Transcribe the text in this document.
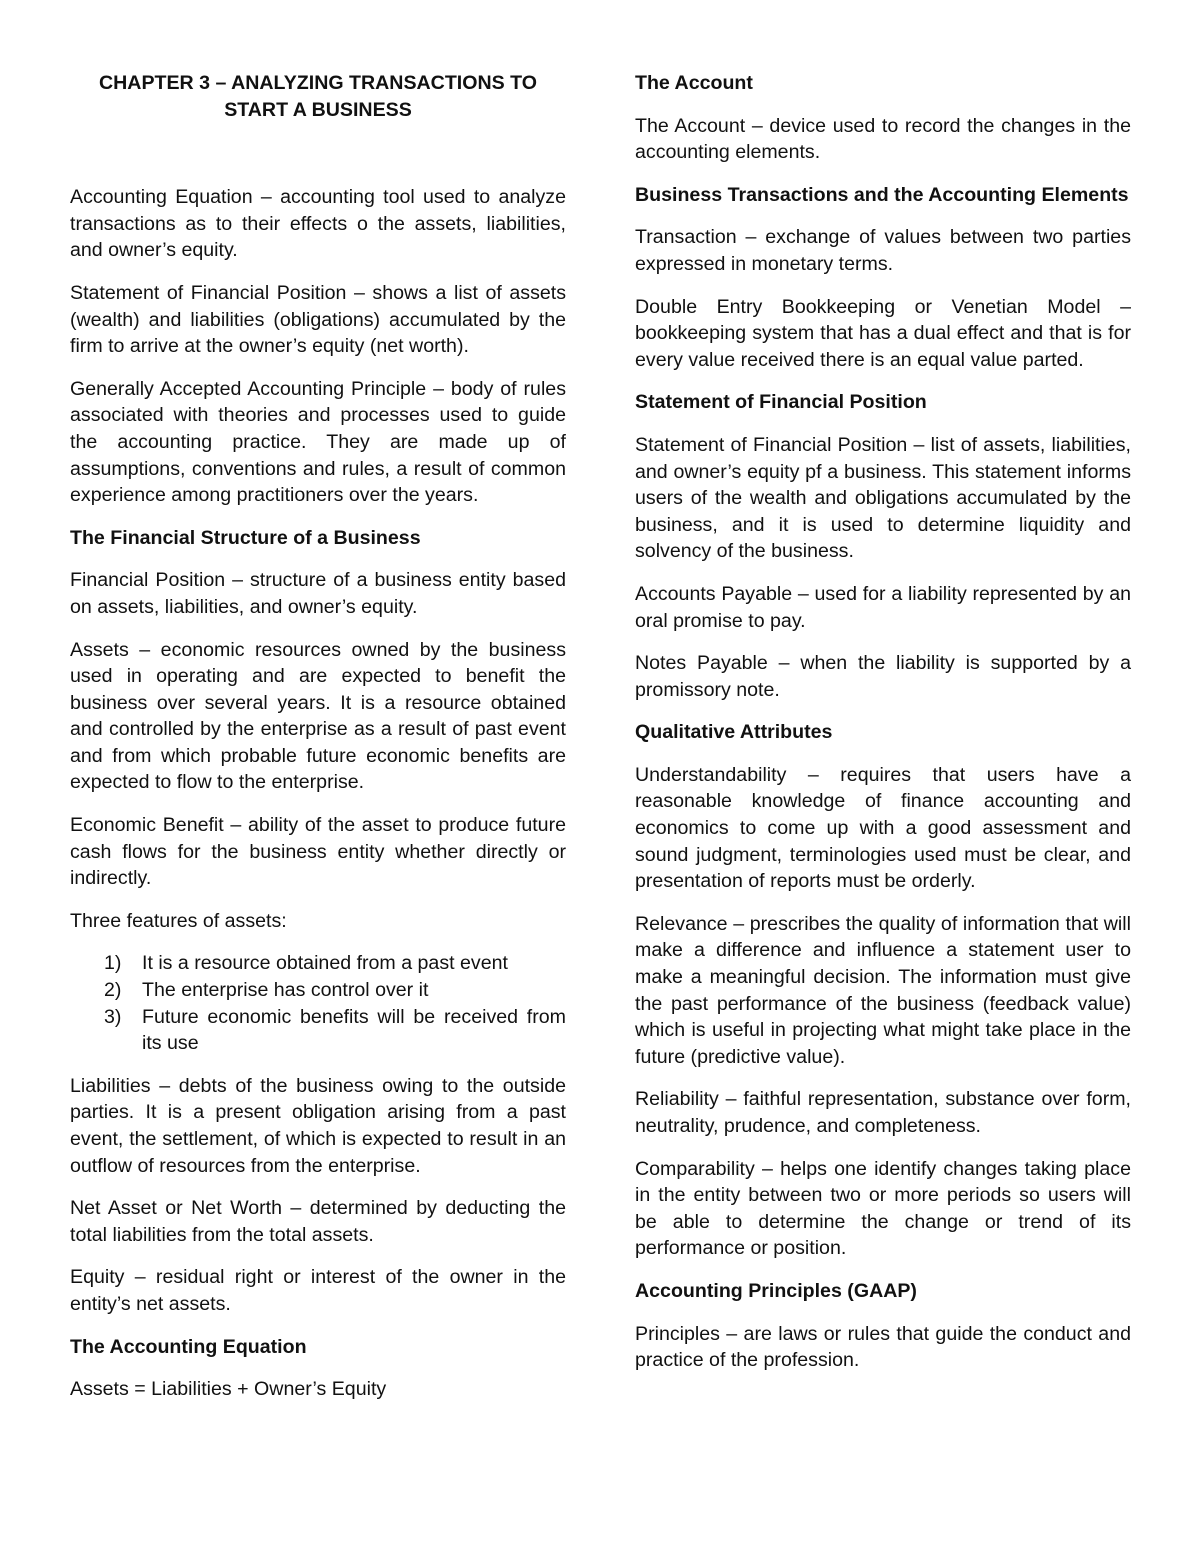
CHAPTER 3 – ANALYZING TRANSACTIONS TO START A BUSINESS

Accounting Equation – accounting tool used to analyze transactions as to their effects o the assets, liabilities, and owner’s equity.

Statement of Financial Position – shows a list of assets (wealth) and liabilities (obligations) accumulated by the firm to arrive at the owner’s equity (net worth).

Generally Accepted Accounting Principle – body of rules associated with theories and processes used to guide the accounting practice. They are made up of assumptions, conventions and rules, a result of common experience among practitioners over the years.

The Financial Structure of a Business

Financial Position – structure of a business entity based on assets, liabilities, and owner’s equity.

Assets – economic resources owned by the business used in operating and are expected to benefit the business over several years. It is a resource obtained and controlled by the enterprise as a result of past event and from which probable future economic benefits are expected to flow to the enterprise.

Economic Benefit – ability of the asset to produce future cash flows for the business entity whether directly or indirectly.

Three features of assets:

1) It is a resource obtained from a past event
2) The enterprise has control over it
3) Future economic benefits will be received from its use

Liabilities – debts of the business owing to the outside parties. It is a present obligation arising from a past event, the settlement, of which is expected to result in an outflow of resources from the enterprise.

Net Asset or Net Worth – determined by deducting the total liabilities from the total assets.

Equity – residual right or interest of the owner in the entity’s net assets.

The Accounting Equation

Assets = Liabilities + Owner’s Equity

The Account

The Account – device used to record the changes in the accounting elements.

Business Transactions and the Accounting Elements

Transaction – exchange of values between two parties expressed in monetary terms.

Double Entry Bookkeeping or Venetian Model – bookkeeping system that has a dual effect and that is for every value received there is an equal value parted.

Statement of Financial Position

Statement of Financial Position – list of assets, liabilities, and owner’s equity pf a business. This statement informs users of the wealth and obligations accumulated by the business, and it is used to determine liquidity and solvency of the business.

Accounts Payable – used for a liability represented by an oral promise to pay.

Notes Payable – when the liability is supported by a promissory note.

Qualitative Attributes

Understandability – requires that users have a reasonable knowledge of finance accounting and economics to come up with a good assessment and sound judgment, terminologies used must be clear, and presentation of reports must be orderly.

Relevance – prescribes the quality of information that will make a difference and influence a statement user to make a meaningful decision. The information must give the past performance of the business (feedback value) which is useful in projecting what might take place in the future (predictive value).

Reliability – faithful representation, substance over form, neutrality, prudence, and completeness.

Comparability – helps one identify changes taking place in the entity between two or more periods so users will be able to determine the change or trend of its performance or position.

Accounting Principles (GAAP)

Principles – are laws or rules that guide the conduct and practice of the profession.
